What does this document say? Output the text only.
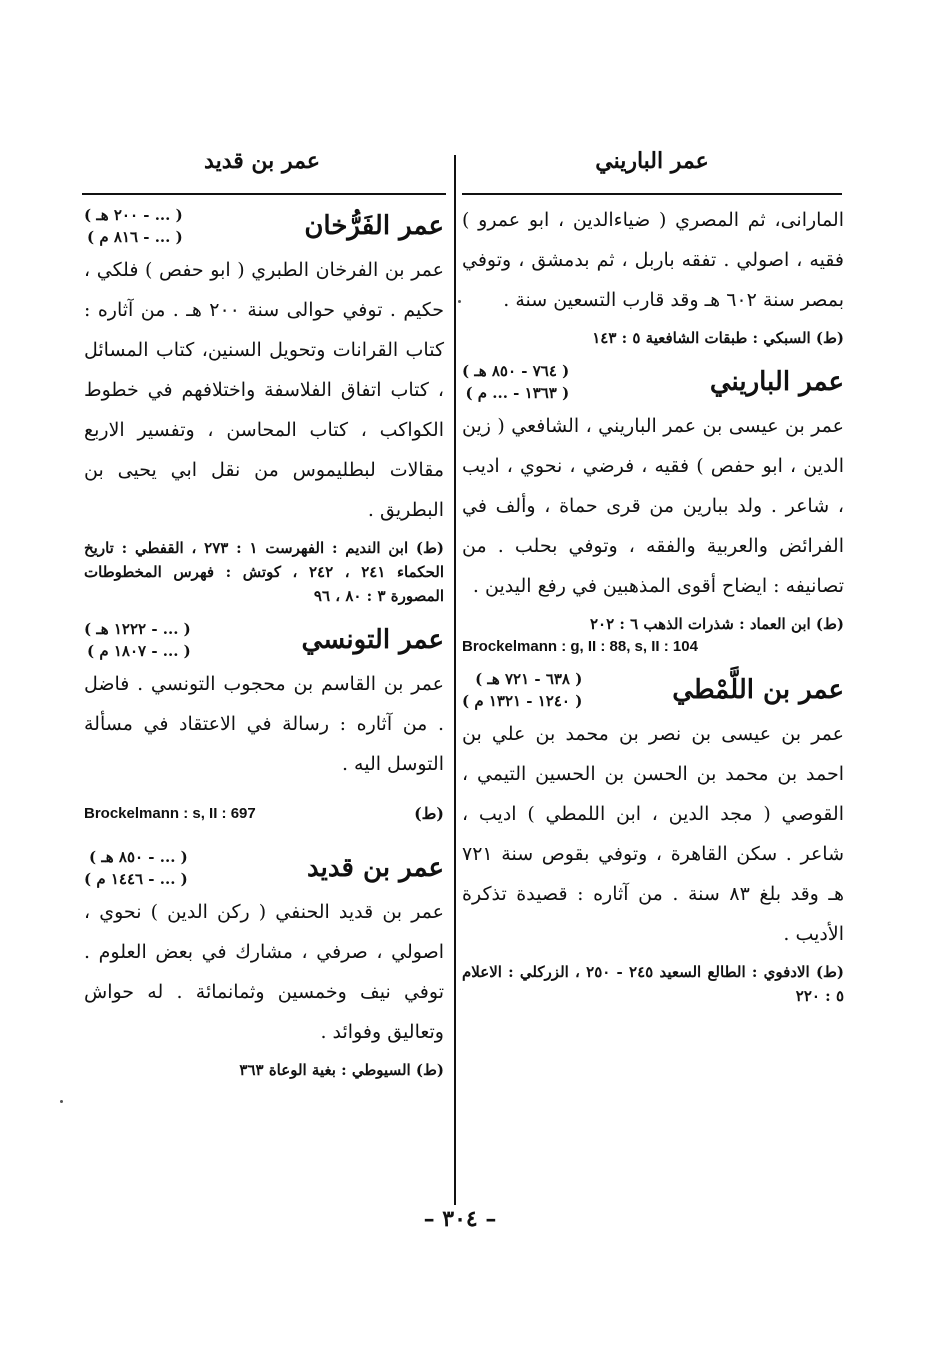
عمر الباريني
عمر بن قديد

المارانى، ثم المصري ( ضياءالدين ، ابو عمرو ) فقيه ، اصولي . تفقه باربل ، ثم بدمشق ، وتوفي بمصر سنة ٦٠٢ هـ وقد قارب التسعين سنة .

(ط) السبكي : طبقات الشافعية ٥ : ١٤٣
عمر الباريني
( ٧٦٤ - ٨٥٠ هـ )
( ١٣٦٣ - ... م )

عمر بن عيسى بن عمر الباريني ، الشافعي ( زين الدين ، ابو حفص ) فقيه ، فرضي ، نحوي ، اديب ، شاعر . ولد ببارين من قرى حماة ، وألف في الفرائض والعربية والفقه ، وتوفي بحلب . من تصانيفه : ايضاح أقوى المذهبين في رفع اليدين .

(ط) ابن العماد : شذرات الذهب ٦ : ٢٠٢
Brockelmann : g, II : 88, s, II : 104
عمر بن اللَّمْطي
( ٦٣٨ - ٧٢١ هـ )
( ١٢٤٠ - ١٣٢١ م )

عمر بن عيسى بن نصر بن محمد بن علي بن احمد بن محمد بن الحسن بن الحسين التيمي ، القوصي ( مجد الدين ، ابن اللمطي ) اديب ، شاعر . سكن القاهرة ، وتوفي بقوص سنة ٧٢١ هـ وقد بلغ ٨٣ سنة . من آثاره : قصيدة تذكرة الأديب .

(ط) الادفوي : الطالع السعيد ٢٤٥ - ٢٥٠ ، الزركلي : الاعلام ٥ : ٢٢٠
عمر الفَرُّخان
( ... - ٢٠٠ هـ )
( ... - ٨١٦ م )

عمر بن الفرخان الطبري ( ابو حفص ) فلكي ، حكيم . توفي حوالى سنة ٢٠٠ هـ . من آثاره : كتاب القرانات وتحويل السنين، كتاب المسائل ، كتاب اتفاق الفلاسفة واختلافهم في خطوط الكواكب ، كتاب المحاسن ، وتفسير الاربع مقالات لبطليموس من نقل ابي يحيى بن البطريق .

(ط) ابن النديم : الفهرست ١ : ٢٧٣ ، القفطي : تاريخ الحكماء ٢٤١ ، ٢٤٢ ، كوتش : فهرس المخطوطات المصورة ٣ : ٨٠ ، ٩٦
عمر التونسي
( ... - ١٢٢٢ هـ )
( ... - ١٨٠٧ م )

عمر بن القاسم بن محجوب التونسي . فاضل . من آثاره : رسالة في الاعتقاد في مسألة التوسل اليه .

(ط)
Brockelmann : s, II : 697
عمر بن قديد
( ... - ٨٥٠ هـ )
( ... - ١٤٤٦ م )

عمر بن قديد الحنفي ( ركن الدين ) نحوي ، اصولي ، صرفي ، مشارك في بعض العلوم . توفي نيف وخمسين وثمانمائة . له حواش وتعاليق وفوائد .

(ط) السيوطي : بغية الوعاة ٣٦٣
– ٣٠٤ –
